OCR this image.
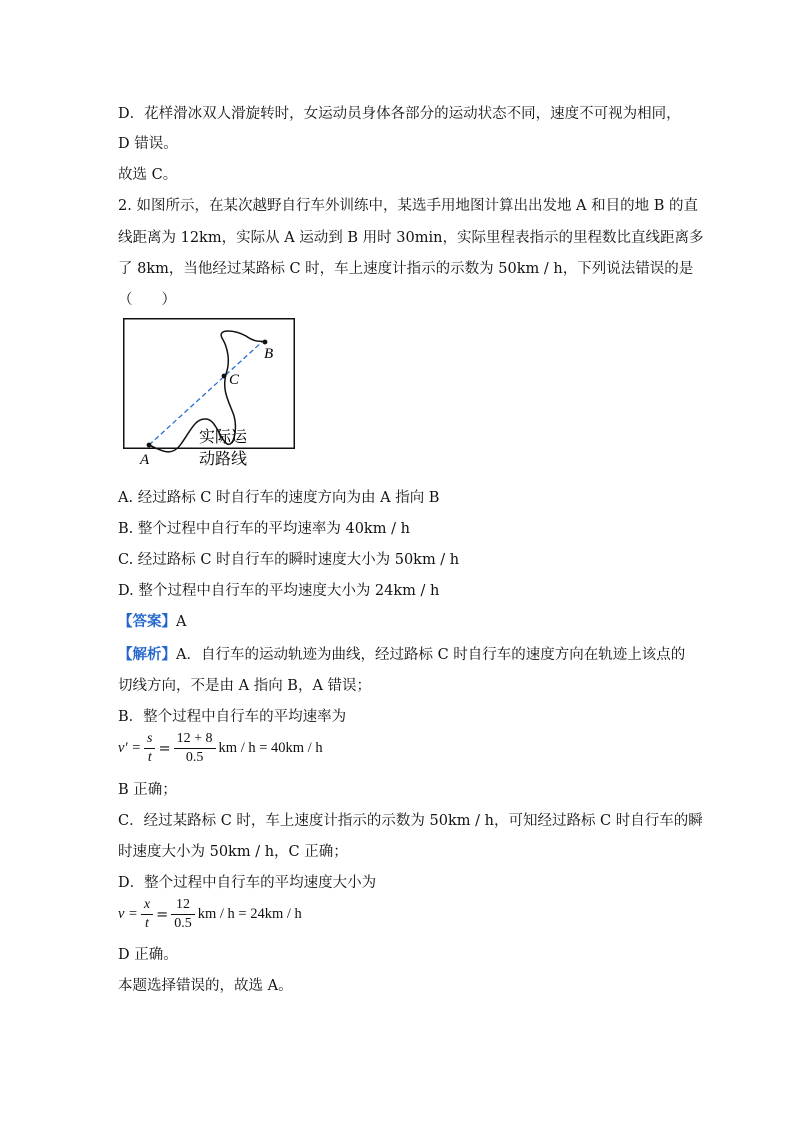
D．花样滑冰双人滑旋转时，女运动员身体各部分的运动状态不同，速度不可视为相同，
D 错误。
故选 C。
2. 如图所示，在某次越野自行车外训练中，某选手用地图计算出出发地 A 和目的地 B 的直
线距离为 12km，实际从 A 运动到 B 用时 30min，实际里程表指示的里程数比直线距离多
了 8km，当他经过某路标 C 时，车上速度计指示的示数为 50km / h，下列说法错误的是
（　　）
A
B
C
实际运
动路线
A. 经过路标 C 时自行车的速度方向为由 A 指向 B
B. 整个过程中自行车的平均速率为 40km / h
C. 经过路标 C 时自行车的瞬时速度大小为 50km / h
D. 整个过程中自行车的平均速度大小为 24km / h
【答案】A
【解析】A．自行车的运动轨迹为曲线，经过路标 C 时自行车的速度方向在轨迹上该点的
切线方向，不是由 A 指向 B，A 错误；
B．整个过程中自行车的平均速率为
$v' = \frac{s}{t} = \frac{12 + 8}{0.5}$ km / h = 40km / h
B 正确；
C．经过某路标 C 时，车上速度计指示的示数为 50km / h，可知经过路标 C 时自行车的瞬
时速度大小为 50km / h，C 正确；
D．整个过程中自行车的平均速度大小为
$v = \frac{x}{t} = \frac{12}{0.5}$ km / h = 24km / h
D 正确。
本题选择错误的，故选 A。
